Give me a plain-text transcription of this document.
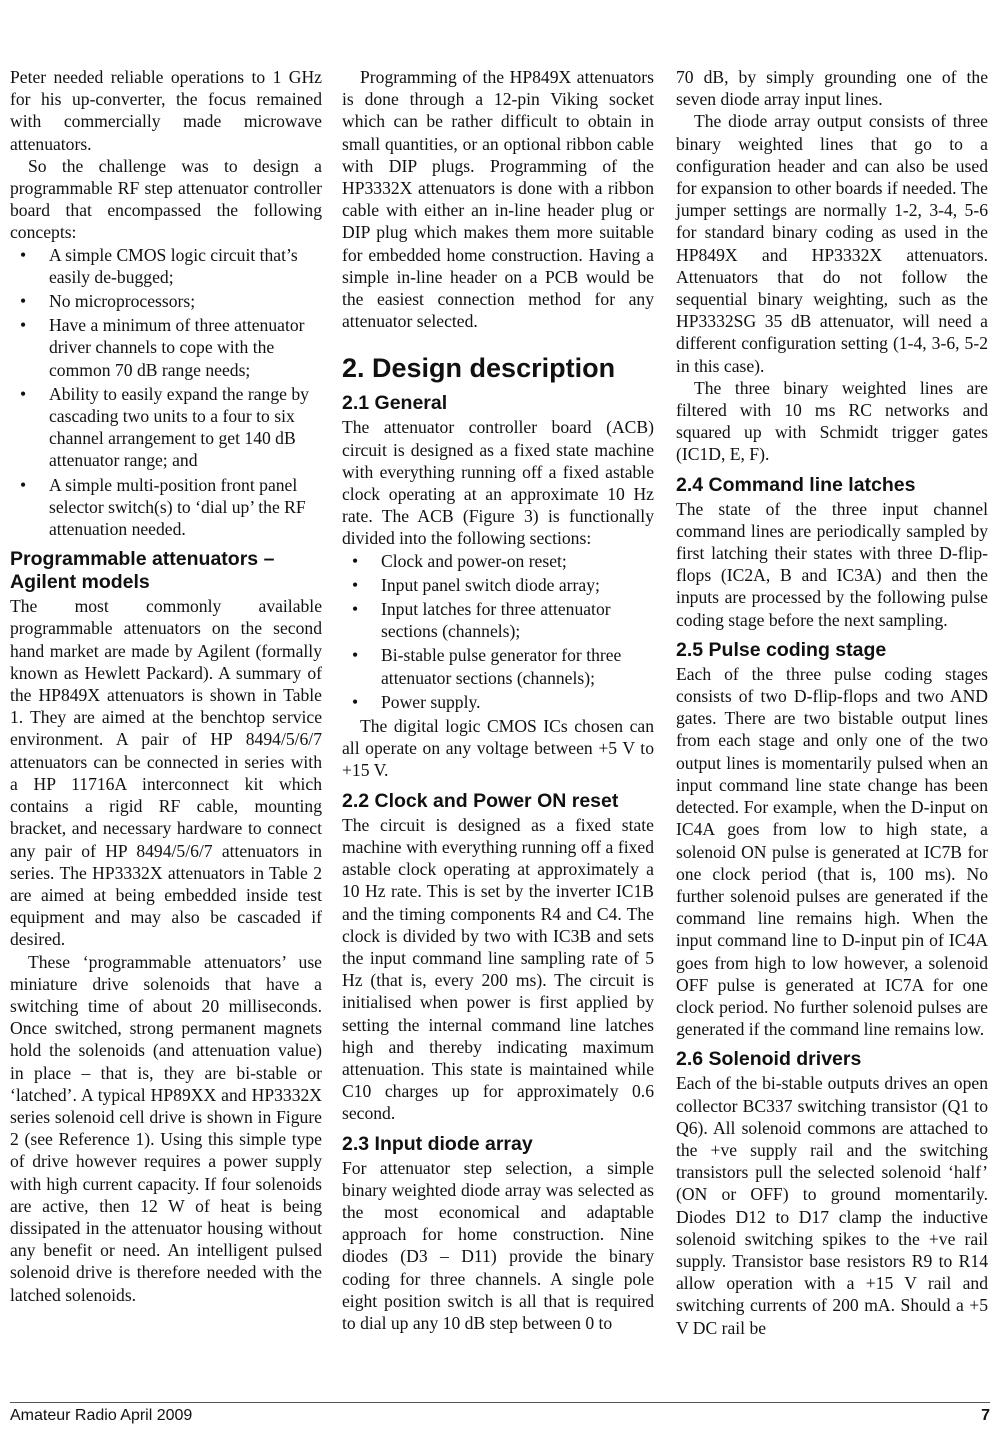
Peter needed reliable operations to 1 GHz for his up-converter, the focus remained with commercially made microwave attenuators.

So the challenge was to design a programmable RF step attenuator controller board that encompassed the following concepts:

• A simple CMOS logic circuit that’s easily de-bugged;
• No microprocessors;
• Have a minimum of three attenuator driver channels to cope with the common 70 dB range needs;
• Ability to easily expand the range by cascading two units to a four to six channel arrangement to get 140 dB attenuator range; and
• A simple multi-position front panel selector switch(s) to ‘dial up’ the RF attenuation needed.
Programmable attenuators – Agilent models

The most commonly available programmable attenuators on the second hand market are made by Agilent (formally known as Hewlett Packard). A summary of the HP849X attenuators is shown in Table 1. They are aimed at the benchtop service environment. A pair of HP 8494/5/6/7 attenuators can be connected in series with a HP 11716A interconnect kit which contains a rigid RF cable, mounting bracket, and necessary hardware to connect any pair of HP 8494/5/6/7 attenuators in series. The HP3332X attenuators in Table 2 are aimed at being embedded inside test equipment and may also be cascaded if desired.

These ‘programmable attenuators’ use miniature drive solenoids that have a switching time of about 20 milliseconds. Once switched, strong permanent magnets hold the solenoids (and attenuation value) in place – that is, they are bi-stable or ‘latched’. A typical HP89XX and HP3332X series solenoid cell drive is shown in Figure 2 (see Reference 1). Using this simple type of drive however requires a power supply with high current capacity. If four solenoids are active, then 12 W of heat is being dissipated in the attenuator housing without any benefit or need. An intelligent pulsed solenoid drive is therefore needed with the latched solenoids.

Programming of the HP849X attenuators is done through a 12-pin Viking socket which can be rather difficult to obtain in small quantities, or an optional ribbon cable with DIP plugs. Programming of the HP3332X attenuators is done with a ribbon cable with either an in-line header plug or DIP plug which makes them more suitable for embedded home construction. Having a simple in-line header on a PCB would be the easiest connection method for any attenuator selected.

2. Design description
2.1 General

The attenuator controller board (ACB) circuit is designed as a fixed state machine with everything running off a fixed astable clock operating at an approximate 10 Hz rate. The ACB (Figure 3) is functionally divided into the following sections:

• Clock and power-on reset;
• Input panel switch diode array;
• Input latches for three attenuator sections (channels);
• Bi-stable pulse generator for three attenuator sections (channels);
• Power supply.

The digital logic CMOS ICs chosen can all operate on any voltage between +5 V to +15 V.

2.2 Clock and Power ON reset

The circuit is designed as a fixed state machine with everything running off a fixed astable clock operating at approximately a 10 Hz rate. This is set by the inverter IC1B and the timing components R4 and C4. The clock is divided by two with IC3B and sets the input command line sampling rate of 5 Hz (that is, every 200 ms). The circuit is initialised when power is first applied by setting the internal command line latches high and thereby indicating maximum attenuation. This state is maintained while C10 charges up for approximately 0.6 second.

2.3 Input diode array

For attenuator step selection, a simple binary weighted diode array was selected as the most economical and adaptable approach for home construction. Nine diodes (D3 – D11) provide the binary coding for three channels. A single pole eight position switch is all that is required to dial up any 10 dB step between 0 to

70 dB, by simply grounding one of the seven diode array input lines.

The diode array output consists of three binary weighted lines that go to a configuration header and can also be used for expansion to other boards if needed. The jumper settings are normally 1-2, 3-4, 5-6 for standard binary coding as used in the HP849X and HP3332X attenuators. Attenuators that do not follow the sequential binary weighting, such as the HP3332SG 35 dB attenuator, will need a different configuration setting (1-4, 3-6, 5-2 in this case).

The three binary weighted lines are filtered with 10 ms RC networks and squared up with Schmidt trigger gates (IC1D, E, F).

2.4 Command line latches

The state of the three input channel command lines are periodically sampled by first latching their states with three D-flip-flops (IC2A, B and IC3A) and then the inputs are processed by the following pulse coding stage before the next sampling.

2.5 Pulse coding stage

Each of the three pulse coding stages consists of two D-flip-flops and two AND gates. There are two bistable output lines from each stage and only one of the two output lines is momentarily pulsed when an input command line state change has been detected. For example, when the D-input on IC4A goes from low to high state, a solenoid ON pulse is generated at IC7B for one clock period (that is, 100 ms). No further solenoid pulses are generated if the command line remains high. When the input command line to D-input pin of IC4A goes from high to low however, a solenoid OFF pulse is generated at IC7A for one clock period. No further solenoid pulses are generated if the command line remains low.

2.6 Solenoid drivers

Each of the bi-stable outputs drives an open collector BC337 switching transistor (Q1 to Q6). All solenoid commons are attached to the +ve supply rail and the switching transistors pull the selected solenoid ‘half’ (ON or OFF) to ground momentarily. Diodes D12 to D17 clamp the inductive solenoid switching spikes to the +ve rail supply. Transistor base resistors R9 to R14 allow operation with a +15 V rail and switching currents of 200 mA. Should a +5 V DC rail be

Amateur Radio April 2009	7
